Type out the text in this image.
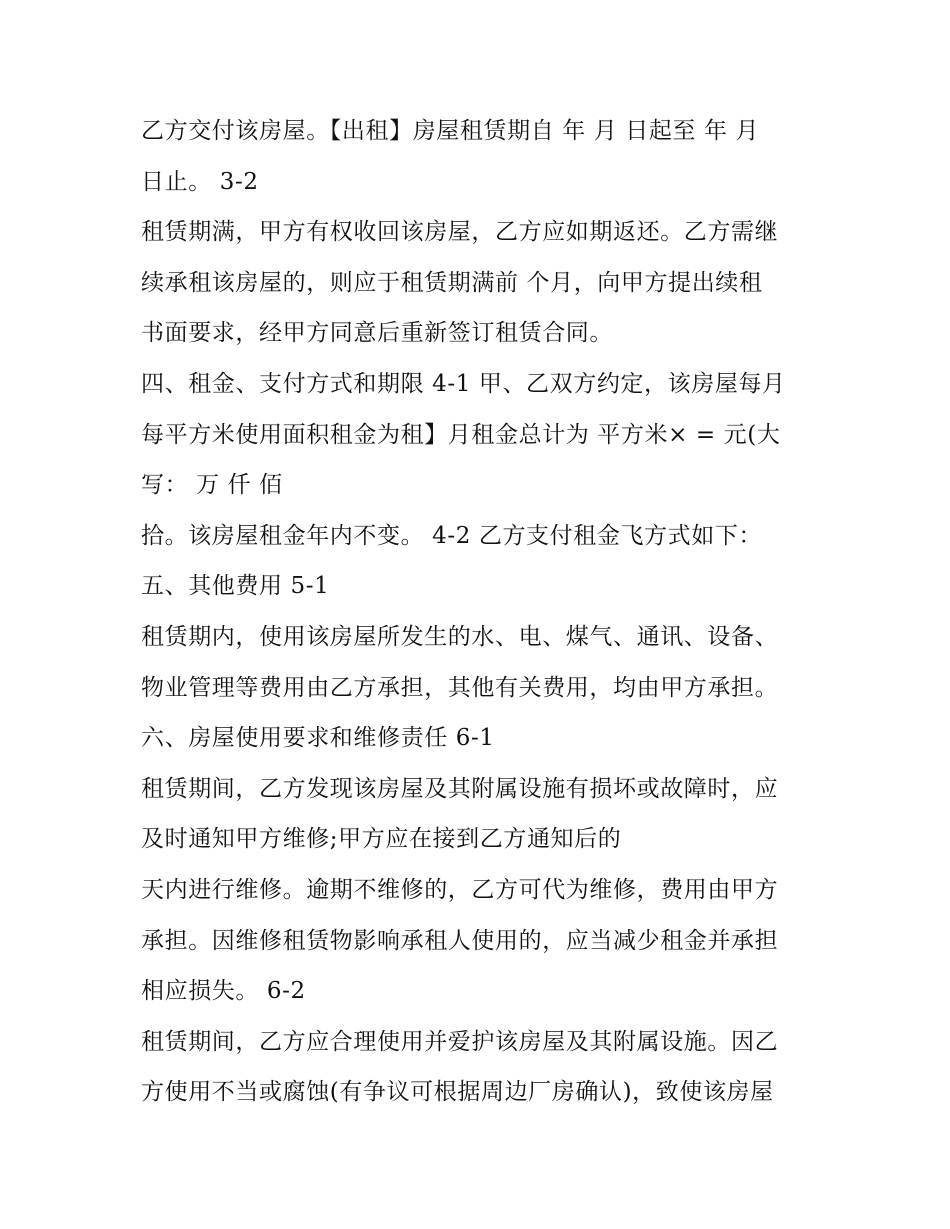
乙方交付该房屋。【出租】房屋租赁期自 年 月 日起至 年 月
日止。 3-2
租赁期满，甲方有权收回该房屋，乙方应如期返还。乙方需继
续承租该房屋的，则应于租赁期满前 个月，向甲方提出续租
书面要求，经甲方同意后重新签订租赁合同。
四、租金、支付方式和期限 4-1 甲、乙双方约定，该房屋每月
每平方米使用面积租金为租】月租金总计为 平方米× = 元(大
写： 万 仟 佰
拾。该房屋租金年内不变。 4-2 乙方支付租金飞方式如下：
五、其他费用 5-1
租赁期内，使用该房屋所发生的水、电、煤气、通讯、设备、
物业管理等费用由乙方承担，其他有关费用，均由甲方承担。
六、房屋使用要求和维修责任 6-1
租赁期间，乙方发现该房屋及其附属设施有损坏或故障时，应
及时通知甲方维修;甲方应在接到乙方通知后的
天内进行维修。逾期不维修的，乙方可代为维修，费用由甲方
承担。因维修租赁物影响承租人使用的，应当减少租金并承担
相应损失。 6-2
租赁期间，乙方应合理使用并爱护该房屋及其附属设施。因乙
方使用不当或腐蚀(有争议可根据周边厂房确认)，致使该房屋
